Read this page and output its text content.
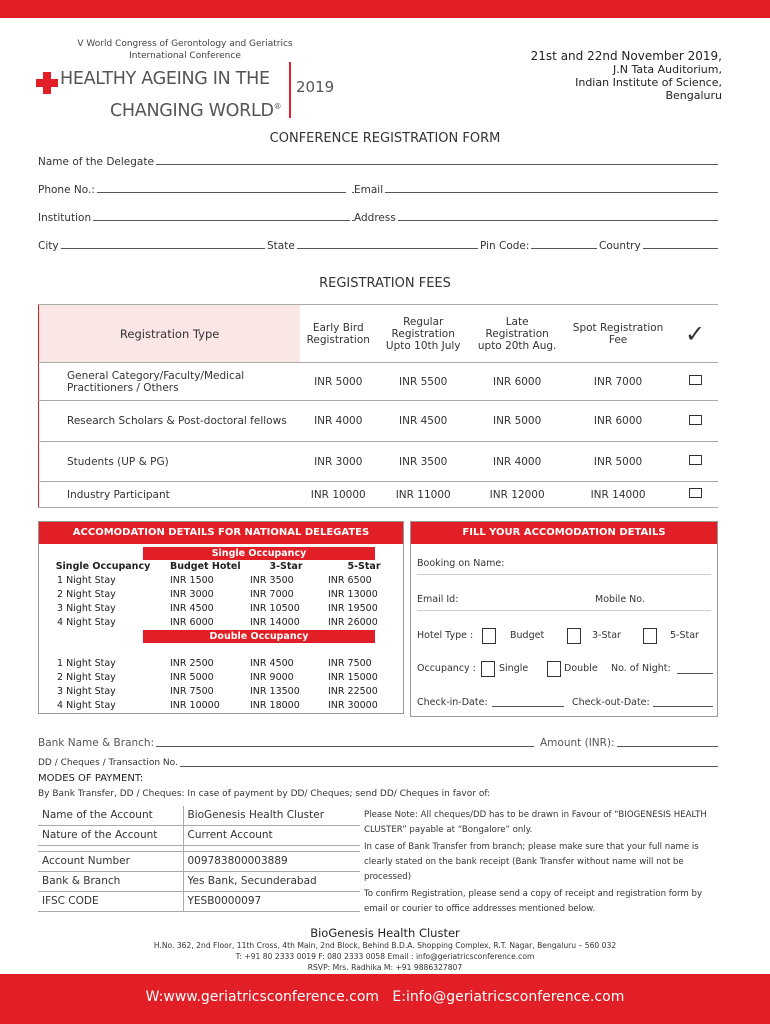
V World Congress of Gerontology and Geriatrics
International Conference
HEALTHY AGEING IN THE
CHANGING WORLD®
2019
21st and 22nd November 2019,
J.N Tata Auditorium,
Indian Institute of Science,
Bengaluru
CONFERENCE REGISTRATION FORM
Name of the Delegate
Phone No.:	Email
Institution	Address
City	State	Pin Code:	Country
REGISTRATION FEES
Registration Type	Early Bird Registration	Regular Registration Upto 10th July	Late Registration upto 20th Aug.	Spot Registration Fee	✓
General Category/Faculty/Medical Practitioners / Others	INR 5000	INR 5500	INR 6000	INR 7000	
Research Scholars & Post-doctoral fellows	INR 4000	INR 4500	INR 5000	INR 6000	
Students (UP & PG)	INR 3000	INR 3500	INR 4000	INR 5000	
Industry Participant	INR 10000	INR 11000	INR 12000	INR 14000	
ACCOMODATION DETAILS FOR NATIONAL DELEGATES
Single Occupancy
Single Occupancy	Budget Hotel	3-Star	5-Star
1 Night Stay	INR 1500	INR 3500	INR 6500
2 Night Stay	INR 3000	INR 7000	INR 13000
3 Night Stay	INR 4500	INR 10500	INR 19500
4 Night Stay	INR 6000	INR 14000	INR 26000
Double Occupancy
1 Night Stay	INR 2500	INR 4500	INR 7500
2 Night Stay	INR 5000	INR 9000	INR 15000
3 Night Stay	INR 7500	INR 13500	INR 22500
4 Night Stay	INR 10000	INR 18000	INR 30000
FILL YOUR ACCOMODATION DETAILS
Booking on Name:
Email Id:	Mobile No.
Hotel Type :	Budget	3-Star	5-Star
Occupancy : Single	Double No. of Night:
Check-in-Date:	Check-out-Date:
Bank Name & Branch:	Amount (INR):
DD / Cheques / Transaction No.
MODES OF PAYMENT:
By Bank Transfer, DD / Cheques: In case of payment by DD/ Cheques; send DD/ Cheques in favor of:
Name of the Account	BioGenesis Health Cluster
Nature of the Account	Current Account

Account Number	009783800003889
Bank & Branch	Yes Bank, Secunderabad
IFSC CODE	YESB0000097
Please Note: All cheques/DD has to be drawn in Favour of “BIOGENESIS HEALTH CLUSTER” payable at “Bongalore” only.
In case of Bank Transfer from branch; please make sure that your full name is clearly stated on the bank receipt (Bank Transfer without name will not be processed)
To confirm Registration, please send a copy of receipt and registration form by email or courier to office addresses mentioned below.
BioGenesis Health Cluster
H.No. 362, 2nd Floor, 11th Cross, 4th Main, 2nd Block, Behind B.D.A. Shopping Complex, R.T. Nagar, Bengaluru – 560 032
T: +91 80 2333 0019 F: 080 2333 0058 Email : info@geriatricsconference.com
RSVP: Mrs. Radhika M: +91 9886327807
W:www.geriatricsconference.com   E:info@geriatricsconference.com
